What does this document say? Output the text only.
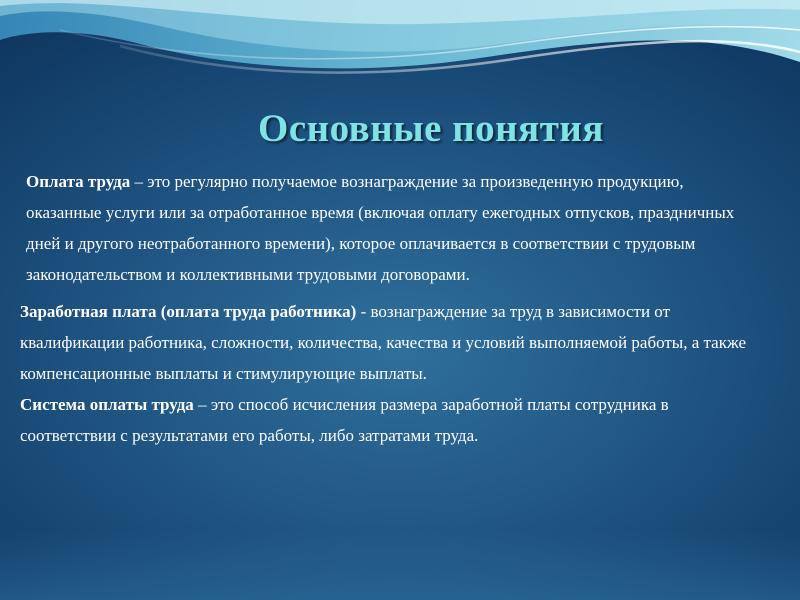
Основные понятия

Оплата труда – это регулярно получаемое вознаграждение за произведенную продукцию, оказанные услуги или за отработанное время (включая оплату ежегодных отпусков, праздничных дней и другого неотработанного времени), которое оплачивается в соответствии с трудовым законодательством и коллективными трудовыми договорами.

Заработная плата (оплата труда работника) - вознаграждение за труд в зависимости от квалификации работника, сложности, количества, качества и условий выполняемой работы, а также компенсационные выплаты и стимулирующие выплаты.

Система оплаты труда – это способ исчисления размера заработной платы сотрудника в соответствии с результатами его работы, либо затратами труда.
